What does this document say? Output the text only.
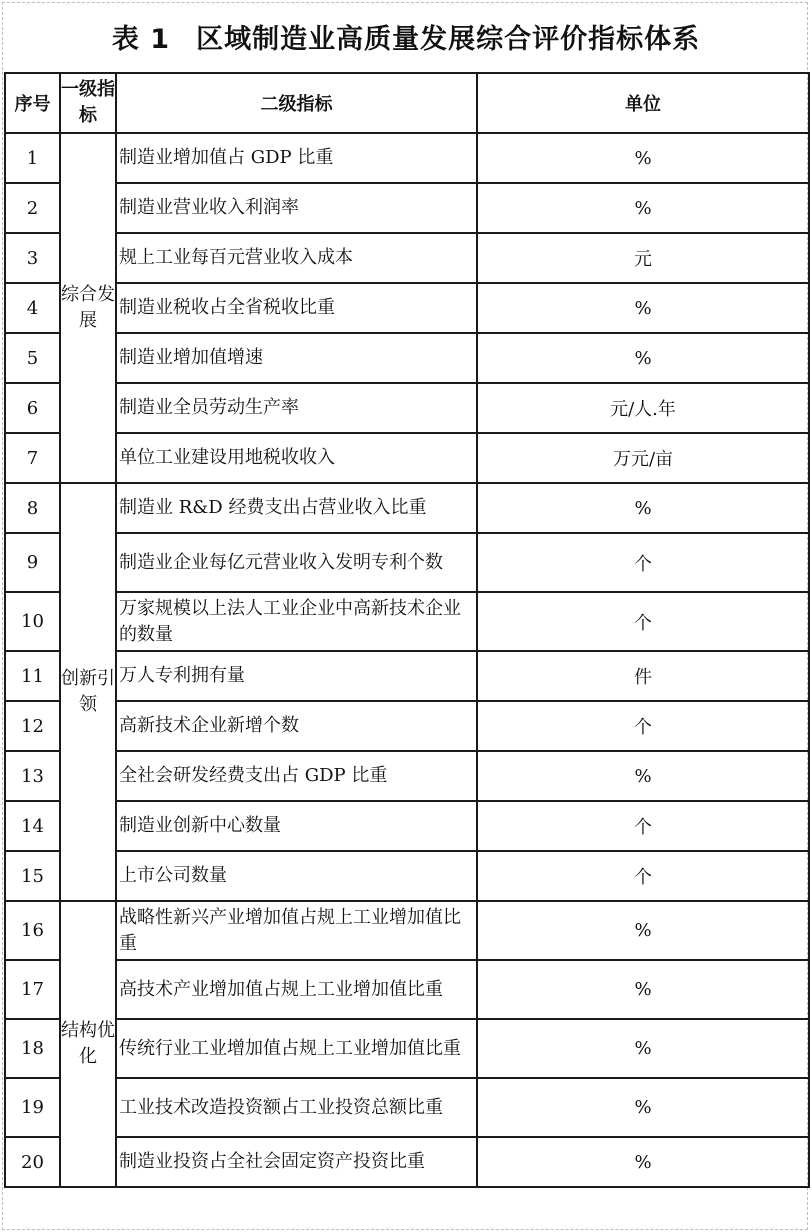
表 1 区域制造业高质量发展综合评价指标体系
序号	一级指标	二级指标	单位
1	综合发展	制造业增加值占 GDP 比重	%
2		制造业营业收入利润率	%
3		规上工业每百元营业收入成本	元
4		制造业税收占全省税收比重	%
5		制造业增加值增速	%
6		制造业全员劳动生产率	元/人.年
7		单位工业建设用地税收收入	万元/亩
8	创新引领	制造业 R&D 经费支出占营业收入比重	%
9		制造业企业每亿元营业收入发明专利个数	个
10		万家规模以上法人工业企业中高新技术企业的数量	个
11		万人专利拥有量	件
12		高新技术企业新增个数	个
13		全社会研发经费支出占 GDP 比重	%
14		制造业创新中心数量	个
15		上市公司数量	个
16	结构优化	战略性新兴产业增加值占规上工业增加值比重	%
17		高技术产业增加值占规上工业增加值比重	%
18		传统行业工业增加值占规上工业增加值比重	%
19		工业技术改造投资额占工业投资总额比重	%
20		制造业投资占全社会固定资产投资比重	%
